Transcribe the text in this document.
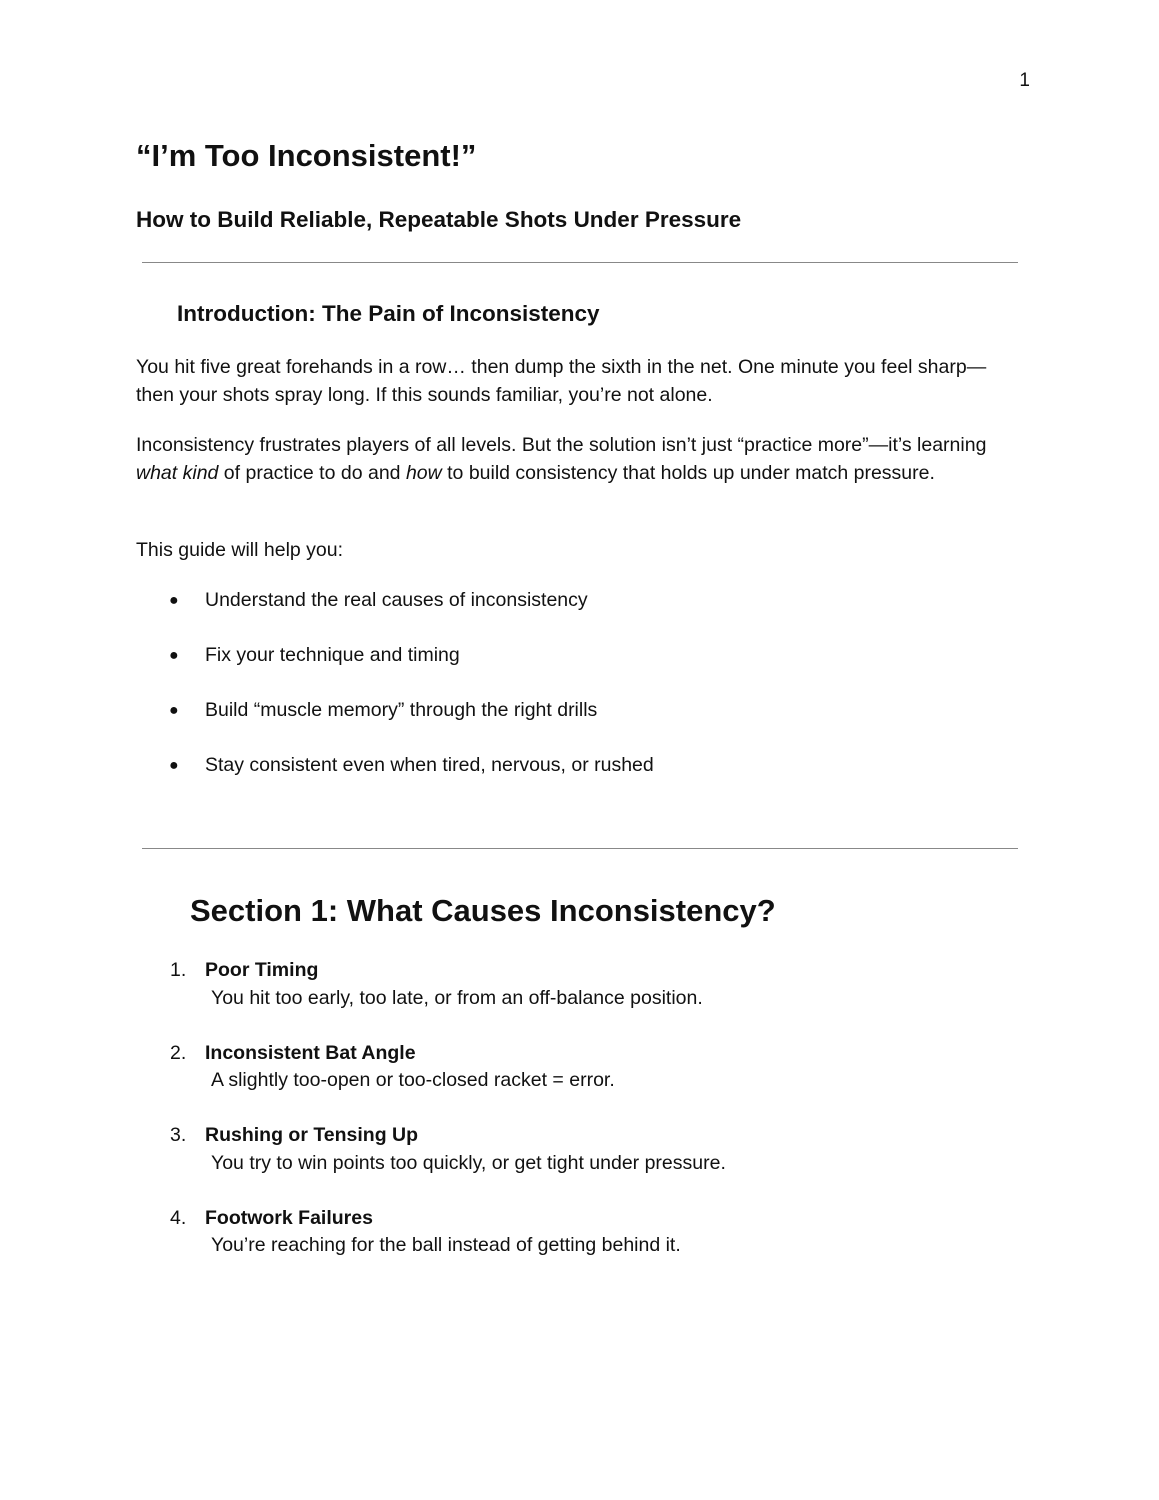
1
“I’m Too Inconsistent!”
How to Build Reliable, Repeatable Shots Under Pressure
Introduction: The Pain of Inconsistency

You hit five great forehands in a row… then dump the sixth in the net. One minute you feel sharp—then your shots spray long. If this sounds familiar, you’re not alone.

Inconsistency frustrates players of all levels. But the solution isn’t just “practice more”—it’s learning what kind of practice to do and how to build consistency that holds up under match pressure.

This guide will help you:

● Understand the real causes of inconsistency
● Fix your technique and timing
● Build “muscle memory” through the right drills
● Stay consistent even when tired, nervous, or rushed
Section 1: What Causes Inconsistency?
1. Poor Timing
You hit too early, too late, or from an off-balance position.
2. Inconsistent Bat Angle
A slightly too-open or too-closed racket = error.
3. Rushing or Tensing Up
You try to win points too quickly, or get tight under pressure.
4. Footwork Failures
You’re reaching for the ball instead of getting behind it.
